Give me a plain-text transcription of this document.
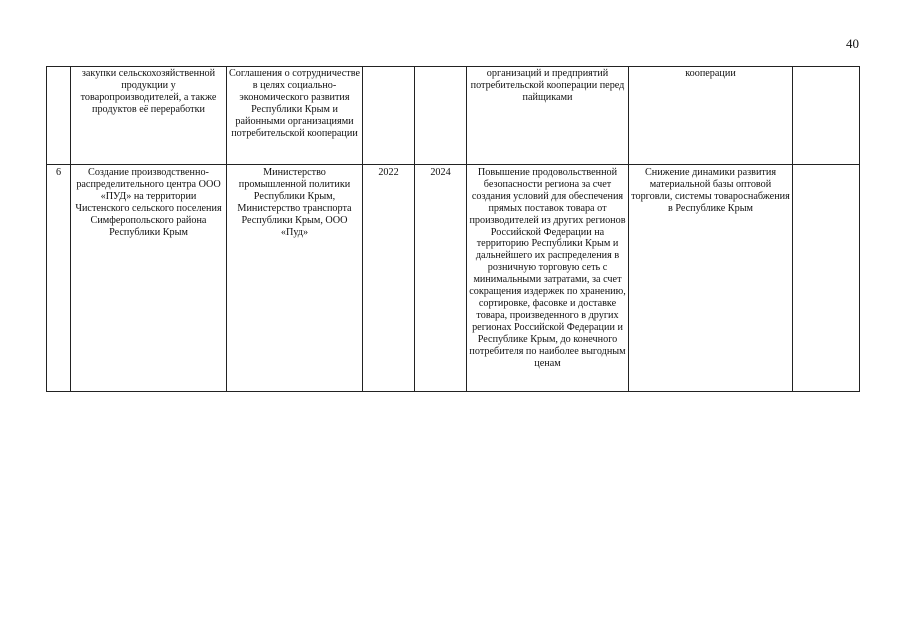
40
	закупки сельскохозяйственной продукции у товаропроизводителей, а также продуктов её переработки	Соглашения о сотрудничестве в целях социально-экономического развития Республики Крым и районными организациями потребительской кооперации			организаций и предприятий потребительской кооперации перед пайщиками	кооперации	
6	Создание производственно-распределительного центра ООО «ПУД» на территории Чистенского сельского поселения Симферопольского района Республики Крым	Министерство промышленной политики Республики Крым, Министерство транспорта Республики Крым, ООО «Пуд»	2022	2024	Повышение продовольственной безопасности региона за счет создания условий для обеспечения прямых поставок товара от производителей из других регионов Российской Федерации на территорию Республики Крым и дальнейшего их распределения в розничную торговую сеть с минимальными затратами, за счет сокращения издержек по хранению, сортировке, фасовке и доставке товара, произведенного в других регионах Российской Федерации и Республике Крым, до конечного потребителя по наиболее выгодным ценам	Снижение динамики развития материальной базы оптовой торговли, системы товароснабжения в Республике Крым	
